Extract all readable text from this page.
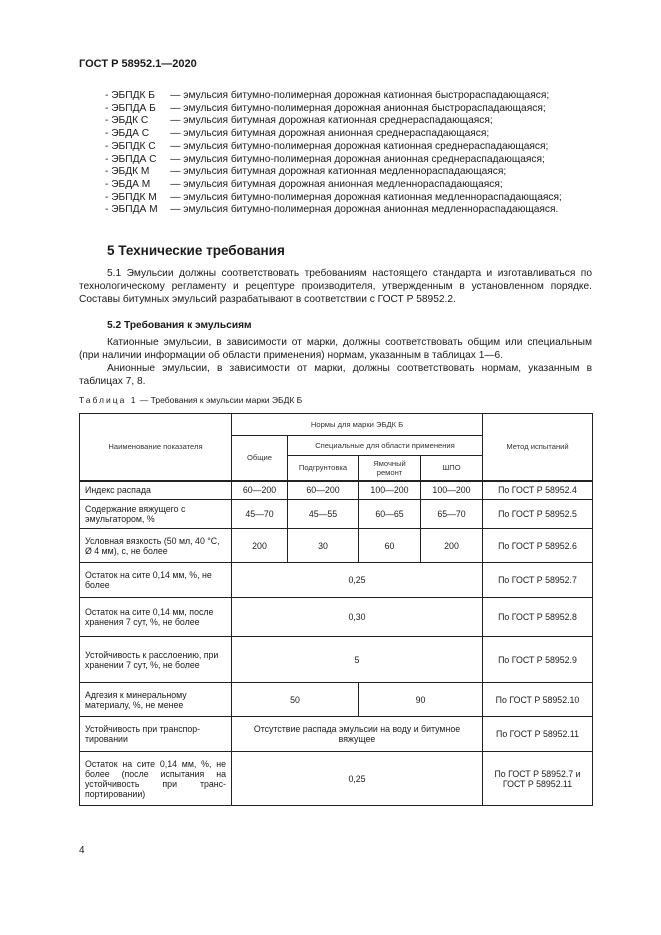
ГОСТ Р 58952.1—2020
- ЭБПДК Б — эмульсия битумно-полимерная дорожная катионная быстрораспадающаяся;
- ЭБПДА Б — эмульсия битумно-полимерная дорожная анионная быстрораспадающаяся;
- ЭБДК С — эмульсия битумная дорожная катионная среднераспадающаяся;
- ЭБДА С — эмульсия битумная дорожная анионная среднераспадающаяся;
- ЭБПДК С — эмульсия битумно-полимерная дорожная катионная среднераспадающаяся;
- ЭБПДА С — эмульсия битумно-полимерная дорожная анионная среднераспадающаяся;
- ЭБДК М — эмульсия битумная дорожная катионная медленнораспадающаяся;
- ЭБДА М — эмульсия битумная дорожная анионная медленнораспадающаяся;
- ЭБПДК М — эмульсия битумно-полимерная дорожная катионная медленнораспадающаяся;
- ЭБПДА М — эмульсия битумно-полимерная дорожная анионная медленнораспадающаяся.
5 Технические требования
5.1 Эмульсии должны соответствовать требованиям настоящего стандарта и изготавливаться по технологическому регламенту и рецептуре производителя, утвержденным в установленном порядке. Составы битумных эмульсий разрабатывают в соответствии с ГОСТ Р 58952.2.
5.2 Требования к эмульсиям
Катионные эмульсии, в зависимости от марки, должны соответствовать общим или специальным (при наличии информации об области применения) нормам, указанным в таблицах 1—6.
Анионные эмульсии, в зависимости от марки, должны соответствовать нормам, указанным в таблицах 7, 8.
Таблица 1 — Требования к эмульсии марки ЭБДК Б
Наименование показателя	Нормы для марки ЭБДК Б				Метод испытаний
	Общие	Специальные для области применения			
		Подгрунтовка	Ямочный ремонт	ШПО	
Индекс распада	60—200	60—200	100—200	100—200	По ГОСТ Р 58952.4
Содержание вяжущего с эмульгатором, %	45—70	45—55	60—65	65—70	По ГОСТ Р 58952.5
Условная вязкость (50 мл, 40 °С, Ø 4 мм), с, не более	200	30	60	200	По ГОСТ Р 58952.6
Остаток на сите 0,14 мм, %, не более	0,25				По ГОСТ Р 58952.7
Остаток на сите 0,14 мм, после хранения 7 сут, %, не более	0,30				По ГОСТ Р 58952.8
Устойчивость к расслоению, при хранении 7 сут, %, не более	5				По ГОСТ Р 58952.9
Адгезия к минеральному материалу, %, не менее	50		90		По ГОСТ Р 58952.10
Устойчивость при транспор-тировании	Отсутствие распада эмульсии на воду и битумное вяжущее				По ГОСТ Р 58952.11
Остаток на сите 0,14 мм, %, не более (после испытания на устойчивость при транс-портировании)	0,25				По ГОСТ Р 58952.7 и ГОСТ Р 58952.11
4
